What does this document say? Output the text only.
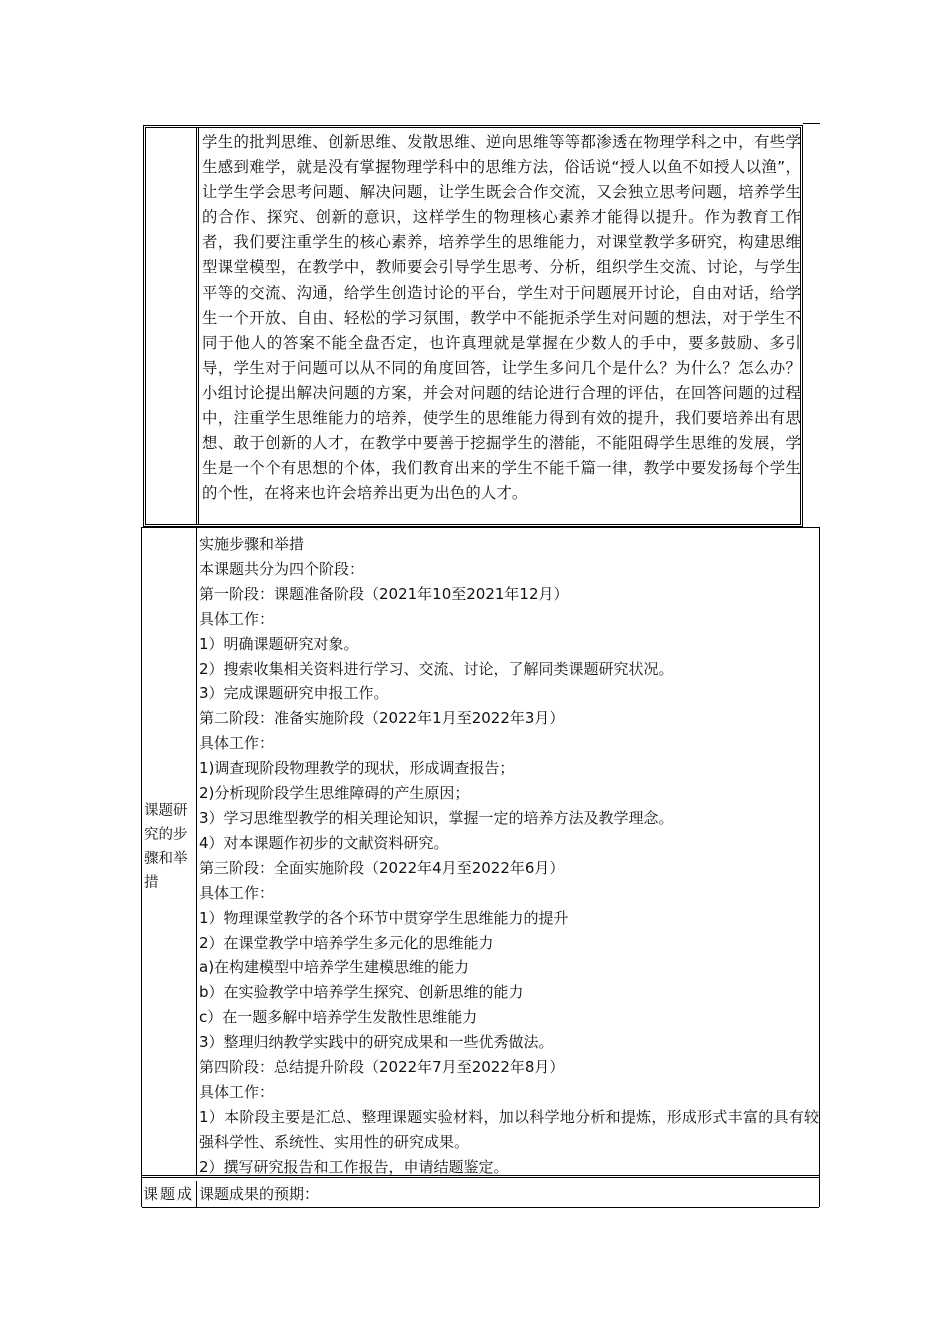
学生的批判思维、创新思维、发散思维、逆向思维等等都渗透在物理学科之中，有些学生感到难学，就是没有掌握物理学科中的思维方法，俗话说“授人以鱼不如授人以渔”，让学生学会思考问题、解决问题，让学生既会合作交流，又会独立思考问题，培养学生的合作、探究、创新的意识，这样学生的物理核心素养才能得以提升。作为教育工作者，我们要注重学生的核心素养，培养学生的思维能力，对课堂教学多研究，构建思维型课堂模型，在教学中，教师要会引导学生思考、分析，组织学生交流、讨论，与学生平等的交流、沟通，给学生创造讨论的平台，学生对于问题展开讨论，自由对话，给学生一个开放、自由、轻松的学习氛围，教学中不能扼杀学生对问题的想法，对于学生不同于他人的答案不能全盘否定，也许真理就是掌握在少数人的手中，要多鼓励、多引导，学生对于问题可以从不同的角度回答，让学生多问几个是什么？为什么？怎么办？小组讨论提出解决问题的方案，并会对问题的结论进行合理的评估，在回答问题的过程中，注重学生思维能力的培养，使学生的思维能力得到有效的提升，我们要培养出有思想、敢于创新的人才，在教学中要善于挖掘学生的潜能，不能阻碍学生思维的发展，学生是一个个有思想的个体，我们教育出来的学生不能千篇一律，教学中要发扬每个学生的个性，在将来也许会培养出更为出色的人才。
课题研
究的步
骤和举
措
实施步骤和举措
本课题共分为四个阶段：
第一阶段：课题准备阶段（2021年10至2021年12月）
具体工作：
1）明确课题研究对象。
2）搜索收集相关资料进行学习、交流、讨论，了解同类课题研究状况。
3）完成课题研究申报工作。
第二阶段：准备实施阶段（2022年1月至2022年3月）
具体工作：
1)调查现阶段物理教学的现状，形成调查报告；
2)分析现阶段学生思维障碍的产生原因；
3）学习思维型教学的相关理论知识，掌握一定的培养方法及教学理念。
4）对本课题作初步的文献资料研究。
第三阶段：全面实施阶段（2022年4月至2022年6月）
具体工作：
1）物理课堂教学的各个环节中贯穿学生思维能力的提升
2）在课堂教学中培养学生多元化的思维能力
a)在构建模型中培养学生建模思维的能力
b）在实验教学中培养学生探究、创新思维的能力
c）在一题多解中培养学生发散性思维能力
3）整理归纳教学实践中的研究成果和一些优秀做法。
第四阶段：总结提升阶段（2022年7月至2022年8月）
具体工作：
1）本阶段主要是汇总、整理课题实验材料，加以科学地分析和提炼，形成形式丰富的具有较强科学性、系统性、实用性的研究成果。
2）撰写研究报告和工作报告，申请结题鉴定。
课题成 课题成果的预期：
